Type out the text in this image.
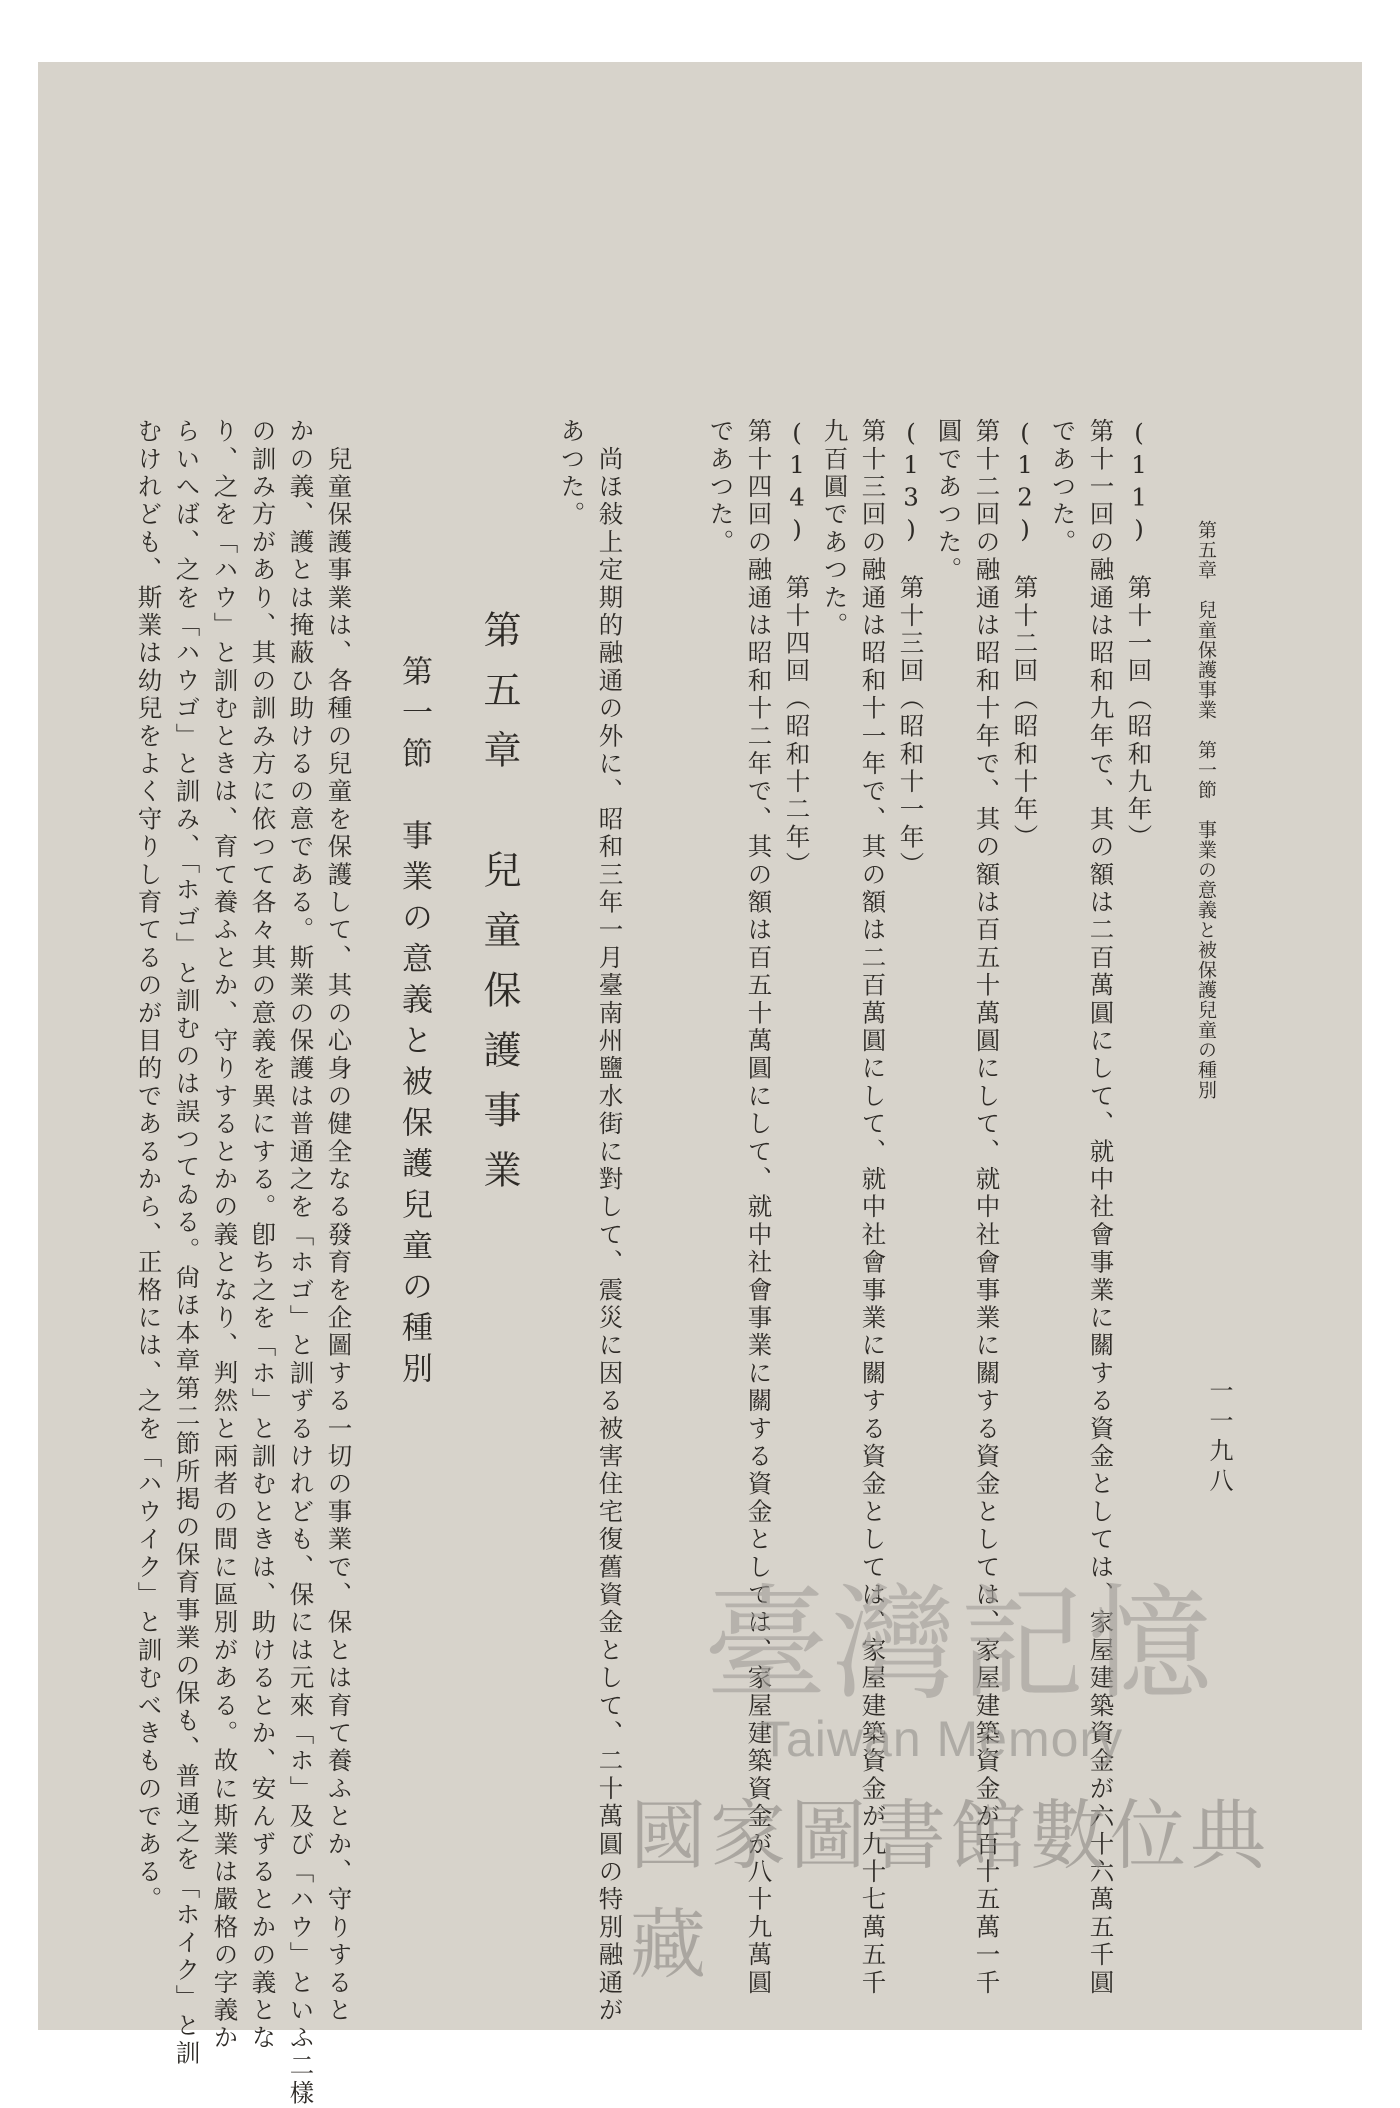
第五章　兒童保護事業　第一節　事業の意義と被保護兒童の種別
一一九八
(11)　第十一回（昭和九年）
第十一回の融通は昭和九年で、其の額は二百萬圓にして、就中社會事業に關する資金としては、家屋建築資金が六十六萬五千圓
であつた。
(12)　第十二回（昭和十年）
第十二回の融通は昭和十年で、其の額は百五十萬圓にして、就中社會事業に關する資金としては、家屋建築資金が百十五萬一千
圓であつた。
(13)　第十三回（昭和十一年）
第十三回の融通は昭和十一年で、其の額は二百萬圓にして、就中社會事業に關する資金としては、家屋建築資金が九十七萬五千
九百圓であつた。
(14)　第十四回（昭和十二年）
第十四回の融通は昭和十二年で、其の額は百五十萬圓にして、就中社會事業に關する資金としては、家屋建築資金が八十九萬圓
であつた。
　尚ほ敍上定期的融通の外に、昭和三年一月臺南州鹽水街に對して、震災に因る被害住宅復舊資金として、二十萬圓の特別融通が
あつた。
第五章　兒童保護事業
第一節　事業の意義と被保護兒童の種別
　兒童保護事業は、各種の兒童を保護して、其の心身の健全なる發育を企圖する一切の事業で、保とは育て養ふとか、守りすると
かの義、護とは掩蔽ひ助けるの意である。斯業の保護は普通之を「ホゴ」と訓ずるけれども、保には元來「ホ」及び「ハウ」といふ二樣
の訓み方があり、其の訓み方に依つて各々其の意義を異にする。卽ち之を「ホ」と訓むときは、助けるとか、安んずるとかの義とな
り、之を「ハウ」と訓むときは、育て養ふとか、守りするとかの義となり、判然と兩者の間に區別がある。故に斯業は嚴格の字義か
らいへば、之を「ハウゴ」と訓み、「ホゴ」と訓むのは誤つてゐる。尙ほ本章第二節所掲の保育事業の保も、普通之を「ホイク」と訓
むけれども、斯業は幼兒をよく守りし育てるのが目的であるから、正格には、之を「ハウイク」と訓むべきものである。	臺灣記憶
Taiwan Memory
國家圖書館數位典藏
